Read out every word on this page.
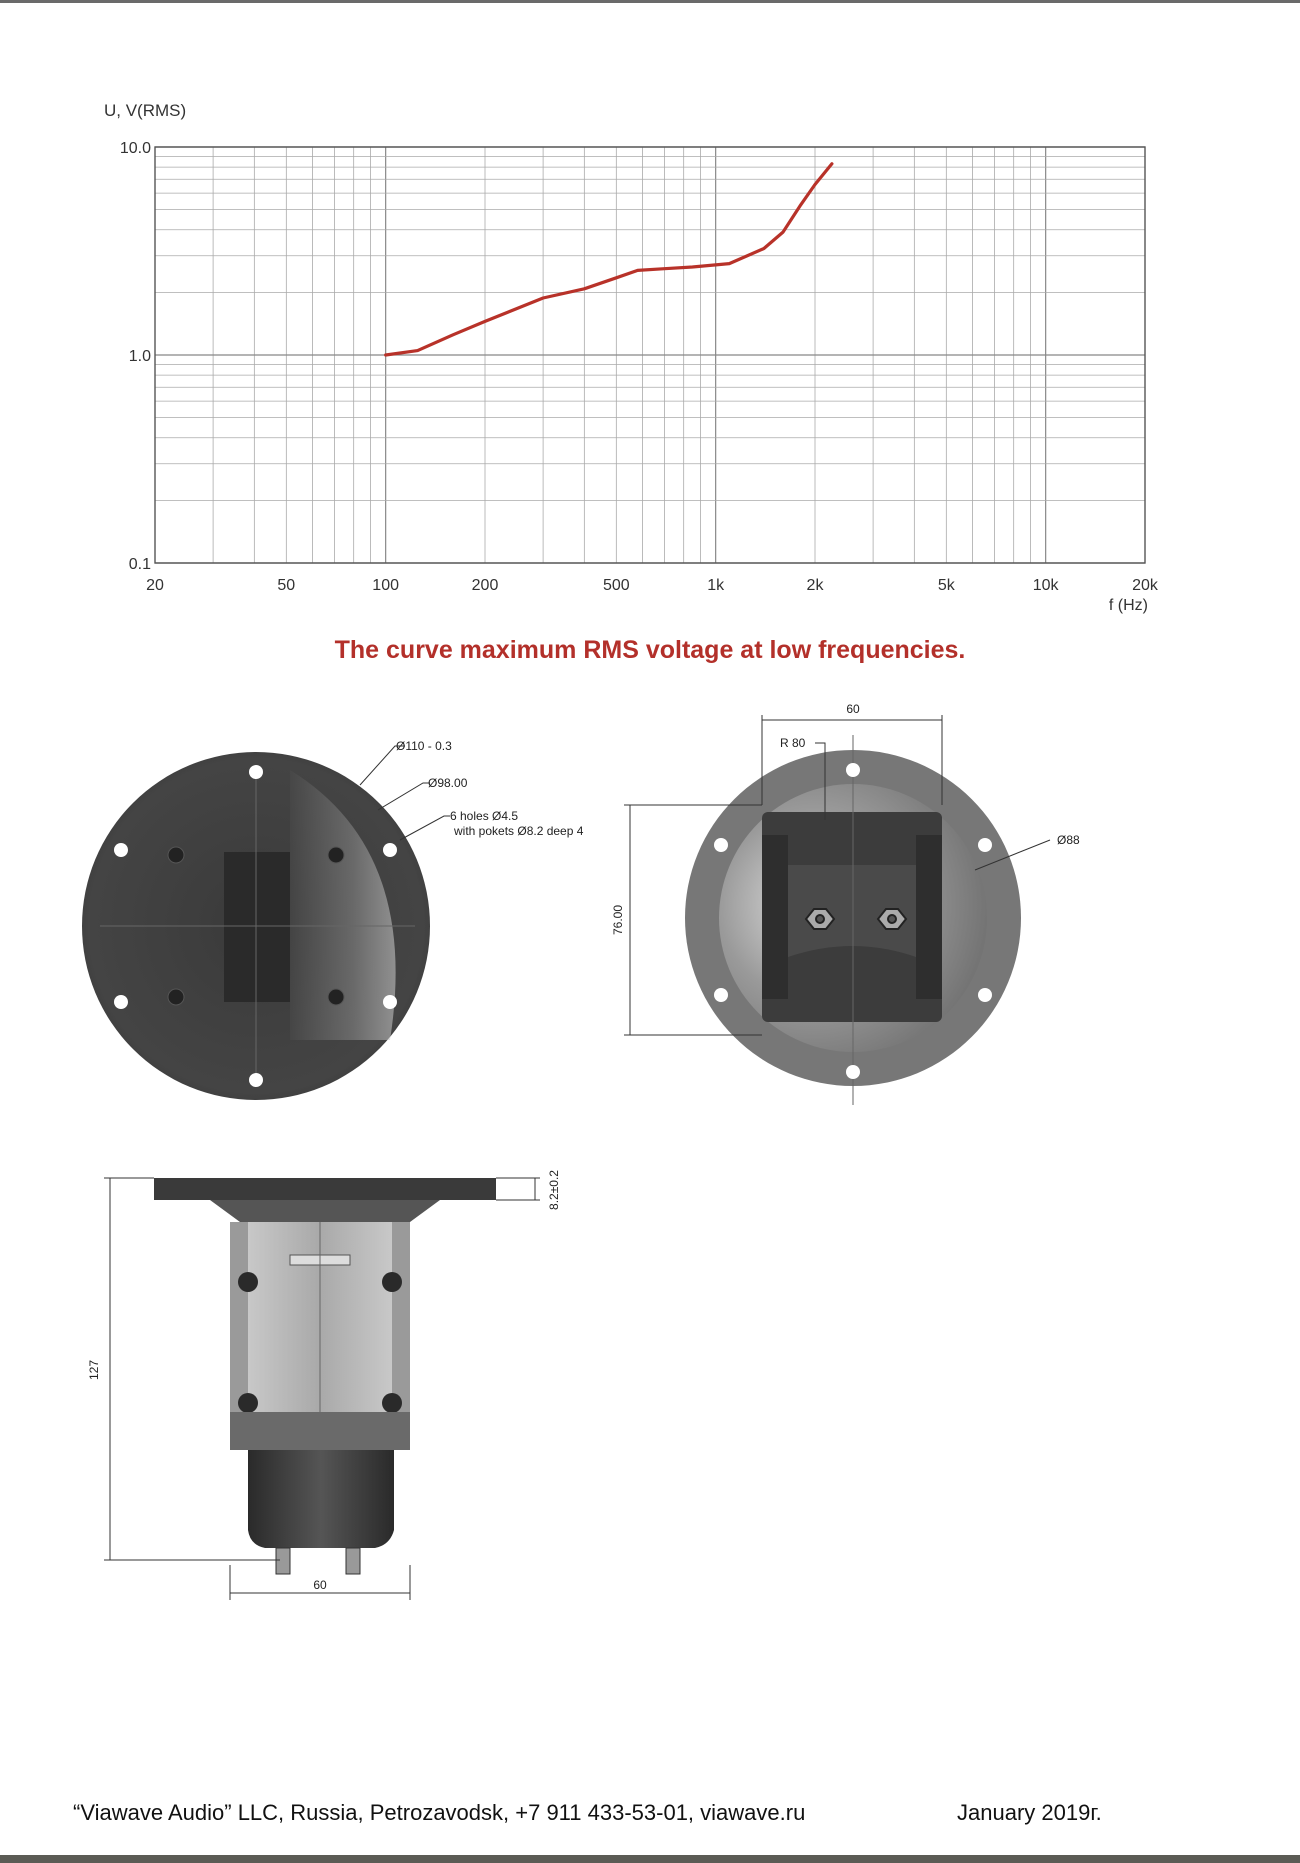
U, V(RMS)
f (Hz)
20	50	100	200	500	1k	2k	5k	10k	20k
0.1
1.0
10.0
The curve maximum RMS voltage at low frequencies.
Ø110 - 0.3
Ø98.00
6 holes Ø4.5
with pokets Ø8.2 deep 4
60
R 80
Ø88
76.00
127
60
8.2±0.2
“Viawave Audio” LLC, Russia, Petrozavodsk, +7 911 433-53-01, viawave.ru	January 2019г.
